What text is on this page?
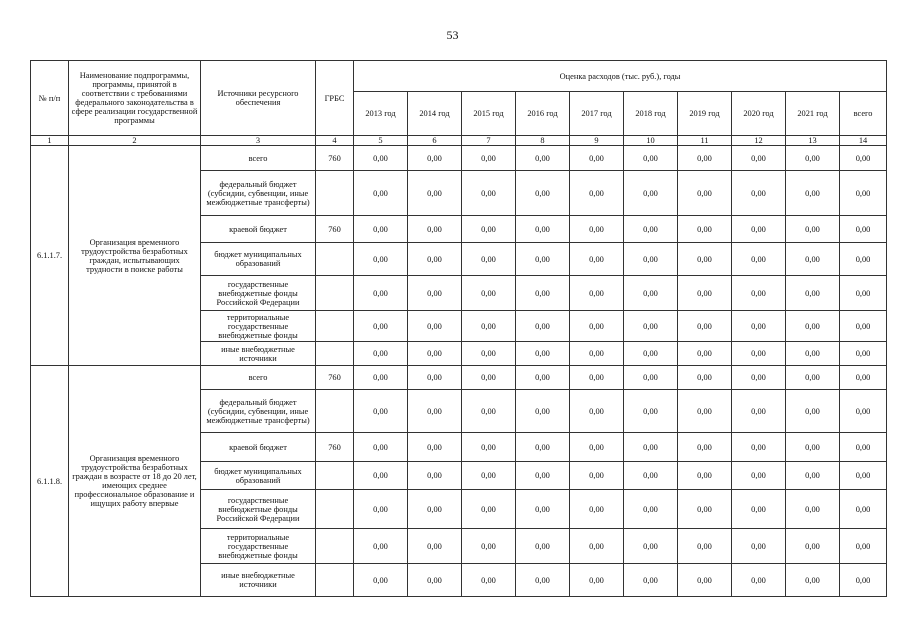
53
№ п/п	Наименование подпрограммы, программы, принятой в соответствии с требованиями федерального законодательства в сфере реализации государственной программы	Источники ресурсного обеспечения	ГРБС	Оценка расходов (тыс. руб.), годы									
				2013 год	2014 год	2015 год	2016 год	2017 год	2018 год	2019 год	2020 год	2021 год	всего
1	2	3	4	5	6	7	8	9	10	11	12	13	14
6.1.1.7.	Организация временного трудоустройства безработных граждан, испытывающих трудности в поиске работы	всего	760	0,00	0,00	0,00	0,00	0,00	0,00	0,00	0,00	0,00	0,00
		федеральный бюджет (субсидии, субвенции, иные межбюджетные трансферты)		0,00	0,00	0,00	0,00	0,00	0,00	0,00	0,00	0,00	0,00
		краевой бюджет	760	0,00	0,00	0,00	0,00	0,00	0,00	0,00	0,00	0,00	0,00
		бюджет муниципальных образований		0,00	0,00	0,00	0,00	0,00	0,00	0,00	0,00	0,00	0,00
		государственные внебюджетные фонды Российской Федерации		0,00	0,00	0,00	0,00	0,00	0,00	0,00	0,00	0,00	0,00
		территориальные государственные внебюджетные фонды		0,00	0,00	0,00	0,00	0,00	0,00	0,00	0,00	0,00	0,00
		иные внебюджетные источники		0,00	0,00	0,00	0,00	0,00	0,00	0,00	0,00	0,00	0,00
6.1.1.8.	Организация временного трудоустройства безработных граждан в возрасте от 18 до 20 лет, имеющих среднее профессиональное образование и ищущих работу впервые	всего	760	0,00	0,00	0,00	0,00	0,00	0,00	0,00	0,00	0,00	0,00
		федеральный бюджет (субсидии, субвенции, иные межбюджетные трансферты)		0,00	0,00	0,00	0,00	0,00	0,00	0,00	0,00	0,00	0,00
		краевой бюджет	760	0,00	0,00	0,00	0,00	0,00	0,00	0,00	0,00	0,00	0,00
		бюджет муниципальных образований		0,00	0,00	0,00	0,00	0,00	0,00	0,00	0,00	0,00	0,00
		государственные внебюджетные фонды Российской Федерации		0,00	0,00	0,00	0,00	0,00	0,00	0,00	0,00	0,00	0,00
		территориальные государственные внебюджетные фонды		0,00	0,00	0,00	0,00	0,00	0,00	0,00	0,00	0,00	0,00
		иные внебюджетные источники		0,00	0,00	0,00	0,00	0,00	0,00	0,00	0,00	0,00	0,00
